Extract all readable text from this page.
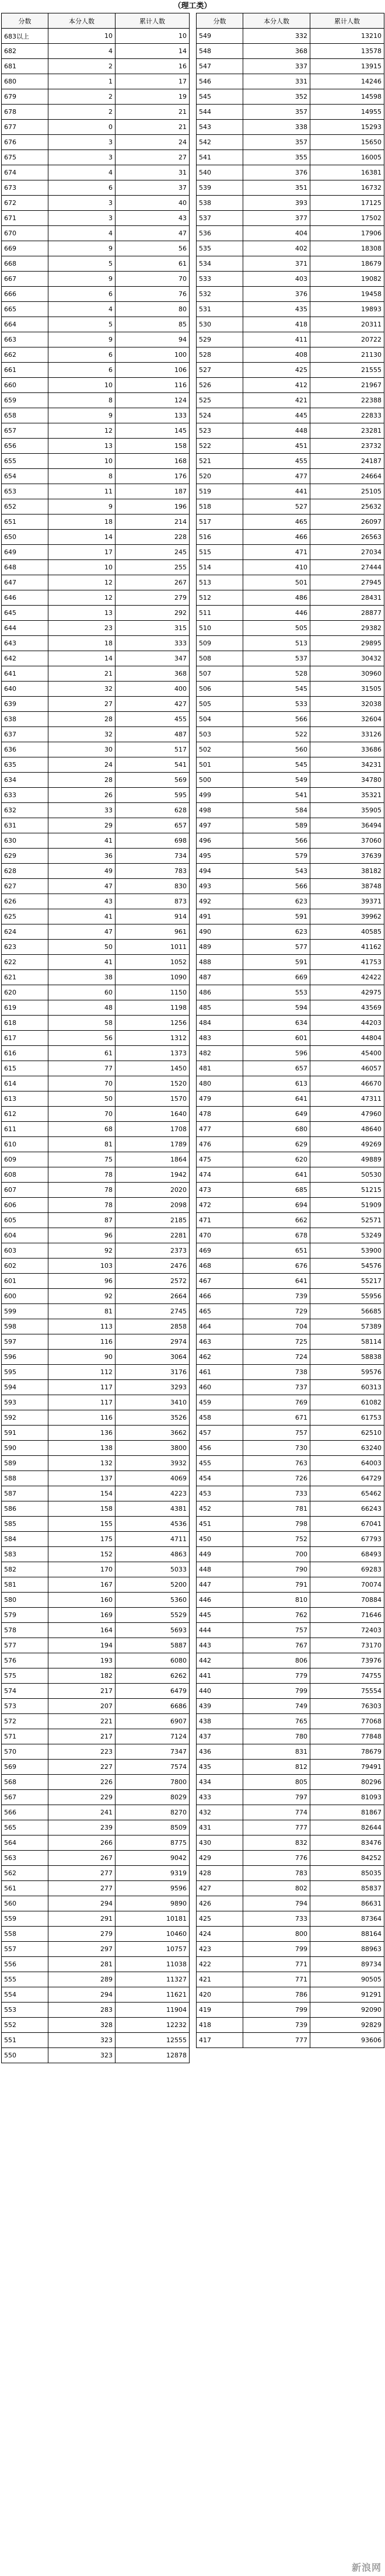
（理工类）
分数	本分人数	累计人数
683以上	10	10
682	4	14
681	2	16
680	1	17
679	2	19
678	2	21
677	0	21
676	3	24
675	3	27
674	4	31
673	6	37
672	3	40
671	3	43
670	4	47
669	9	56
668	5	61
667	9	70
666	6	76
665	4	80
664	5	85
663	9	94
662	6	100
661	6	106
660	10	116
659	8	124
658	9	133
657	12	145
656	13	158
655	10	168
654	8	176
653	11	187
652	9	196
651	18	214
650	14	228
649	17	245
648	10	255
647	12	267
646	12	279
645	13	292
644	23	315
643	18	333
642	14	347
641	21	368
640	32	400
639	27	427
638	28	455
637	32	487
636	30	517
635	24	541
634	28	569
633	26	595
632	33	628
631	29	657
630	41	698
629	36	734
628	49	783
627	47	830
626	43	873
625	41	914
624	47	961
623	50	1011
622	41	1052
621	38	1090
620	60	1150
619	48	1198
618	58	1256
617	56	1312
616	61	1373
615	77	1450
614	70	1520
613	50	1570
612	70	1640
611	68	1708
610	81	1789
609	75	1864
608	78	1942
607	78	2020
606	78	2098
605	87	2185
604	96	2281
603	92	2373
602	103	2476
601	96	2572
600	92	2664
599	81	2745
598	113	2858
597	116	2974
596	90	3064
595	112	3176
594	117	3293
593	117	3410
592	116	3526
591	136	3662
590	138	3800
589	132	3932
588	137	4069
587	154	4223
586	158	4381
585	155	4536
584	175	4711
583	152	4863
582	170	5033
581	167	5200
580	160	5360
579	169	5529
578	164	5693
577	194	5887
576	193	6080
575	182	6262
574	217	6479
573	207	6686
572	221	6907
571	217	7124
570	223	7347
569	227	7574
568	226	7800
567	229	8029
566	241	8270
565	239	8509
564	266	8775
563	267	9042
562	277	9319
561	277	9596
560	294	9890
559	291	10181
558	279	10460
557	297	10757
556	281	11038
555	289	11327
554	294	11621
553	283	11904
552	328	12232
551	323	12555
550	323	12878
分数	本分人数	累计人数
549	332	13210
548	368	13578
547	337	13915
546	331	14246
545	352	14598
544	357	14955
543	338	15293
542	357	15650
541	355	16005
540	376	16381
539	351	16732
538	393	17125
537	377	17502
536	404	17906
535	402	18308
534	371	18679
533	403	19082
532	376	19458
531	435	19893
530	418	20311
529	411	20722
528	408	21130
527	425	21555
526	412	21967
525	421	22388
524	445	22833
523	448	23281
522	451	23732
521	455	24187
520	477	24664
519	441	25105
518	527	25632
517	465	26097
516	466	26563
515	471	27034
514	410	27444
513	501	27945
512	486	28431
511	446	28877
510	505	29382
509	513	29895
508	537	30432
507	528	30960
506	545	31505
505	533	32038
504	566	32604
503	522	33126
502	560	33686
501	545	34231
500	549	34780
499	541	35321
498	584	35905
497	589	36494
496	566	37060
495	579	37639
494	543	38182
493	566	38748
492	623	39371
491	591	39962
490	623	40585
489	577	41162
488	591	41753
487	669	42422
486	553	42975
485	594	43569
484	634	44203
483	601	44804
482	596	45400
481	657	46057
480	613	46670
479	641	47311
478	649	47960
477	680	48640
476	629	49269
475	620	49889
474	641	50530
473	685	51215
472	694	51909
471	662	52571
470	678	53249
469	651	53900
468	676	54576
467	641	55217
466	739	55956
465	729	56685
464	704	57389
463	725	58114
462	724	58838
461	738	59576
460	737	60313
459	769	61082
458	671	61753
457	757	62510
456	730	63240
455	763	64003
454	726	64729
453	733	65462
452	781	66243
451	798	67041
450	752	67793
449	700	68493
448	790	69283
447	791	70074
446	810	70884
445	762	71646
444	757	72403
443	767	73170
442	806	73976
441	779	74755
440	799	75554
439	749	76303
438	765	77068
437	780	77848
436	831	78679
435	812	79491
434	805	80296
433	797	81093
432	774	81867
431	777	82644
430	832	83476
429	776	84252
428	783	85035
427	802	85837
426	794	86631
425	733	87364
424	800	88164
423	799	88963
422	771	89734
421	771	90505
420	786	91291
419	799	92090
418	739	92829
417	777	93606
新浪网
